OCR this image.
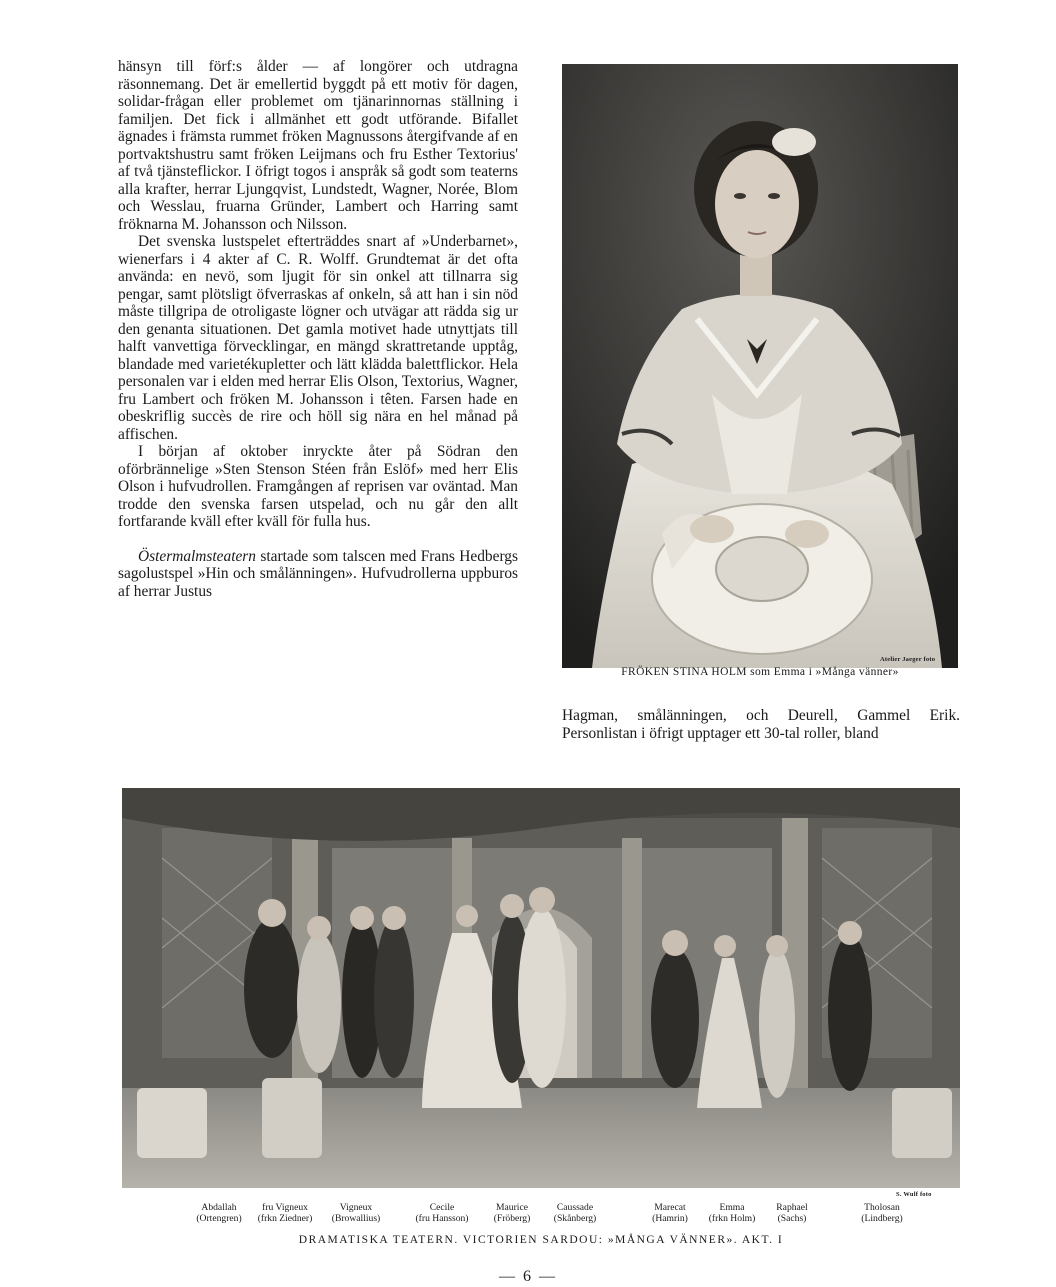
hänsyn till förf:s ålder — af longörer och utdragna räsonnemang. Det är emellertid byggdt på ett motiv för dagen, solidar-frågan eller problemet om tjänarinnornas ställning i familjen. Det fick i allmänhet ett godt utförande. Bifallet ägnades i främsta rummet fröken Magnussons återgifvande af en portvaktshustru samt fröken Leijmans och fru Esther Textorius' af två tjänsteflickor. I öfrigt togos i anspråk så godt som teaterns alla krafter, herrar Ljungqvist, Lundstedt, Wagner, Norée, Blom och Wesslau, fruarna Gründer, Lambert och Harring samt fröknarna M. Johansson och Nilsson.

Det svenska lustspelet efterträddes snart af »Underbarnet», wienerfars i 4 akter af C. R. Wolff. Grundtemat är det ofta använda: en nevö, som ljugit för sin onkel att tillnarra sig pengar, samt plötsligt öfverraskas af onkeln, så att han i sin nöd måste tillgripa de otroligaste lögner och utvägar att rädda sig ur den genanta situationen. Det gamla motivet hade utnyttjats till halft vanvettiga förvecklingar, en mängd skrattretande upptåg, blandade med varietékupletter och lätt klädda balettflickor. Hela personalen var i elden med herrar Elis Olson, Textorius, Wagner, fru Lambert och fröken M. Johansson i têten. Farsen hade en obeskriflig succès de rire och höll sig nära en hel månad på affischen.

I början af oktober inryckte åter på Södran den oförbrännelige »Sten Stenson Stéen från Eslöf» med herr Elis Olson i hufvudrollen. Framgången af reprisen var oväntad. Man trodde den svenska farsen utspelad, och nu går den allt fortfarande kväll efter kväll för fulla hus.

Östermalmsteatern startade som talscen med Frans Hedbergs sagolustspel »Hin och smålänningen». Hufvudrollerna uppburos af herrar Justus

Atelier Jaeger foto
FRÖKEN STINA HOLM som Emma i »Många vänner»

Hagman, smålänningen, och Deurell, Gammel Erik. Personlistan i öfrigt upptager ett 30-tal roller, bland

S. Wulf foto
Abdallah
(Ortengren)
fru Vigneux
(frkn Ziedner)
Vigneux
(Browallius)
Cecile
(fru Hansson)
Maurice
(Fröberg)
Caussade
(Skånberg)
Marecat
(Hamrin)
Emma
(frkn Holm)
Raphael
(Sachs)
Tholosan
(Lindberg)
DRAMATISKA TEATERN. VICTORIEN SARDOU: »MÅNGA VÄNNER». AKT. I
— 6 —
